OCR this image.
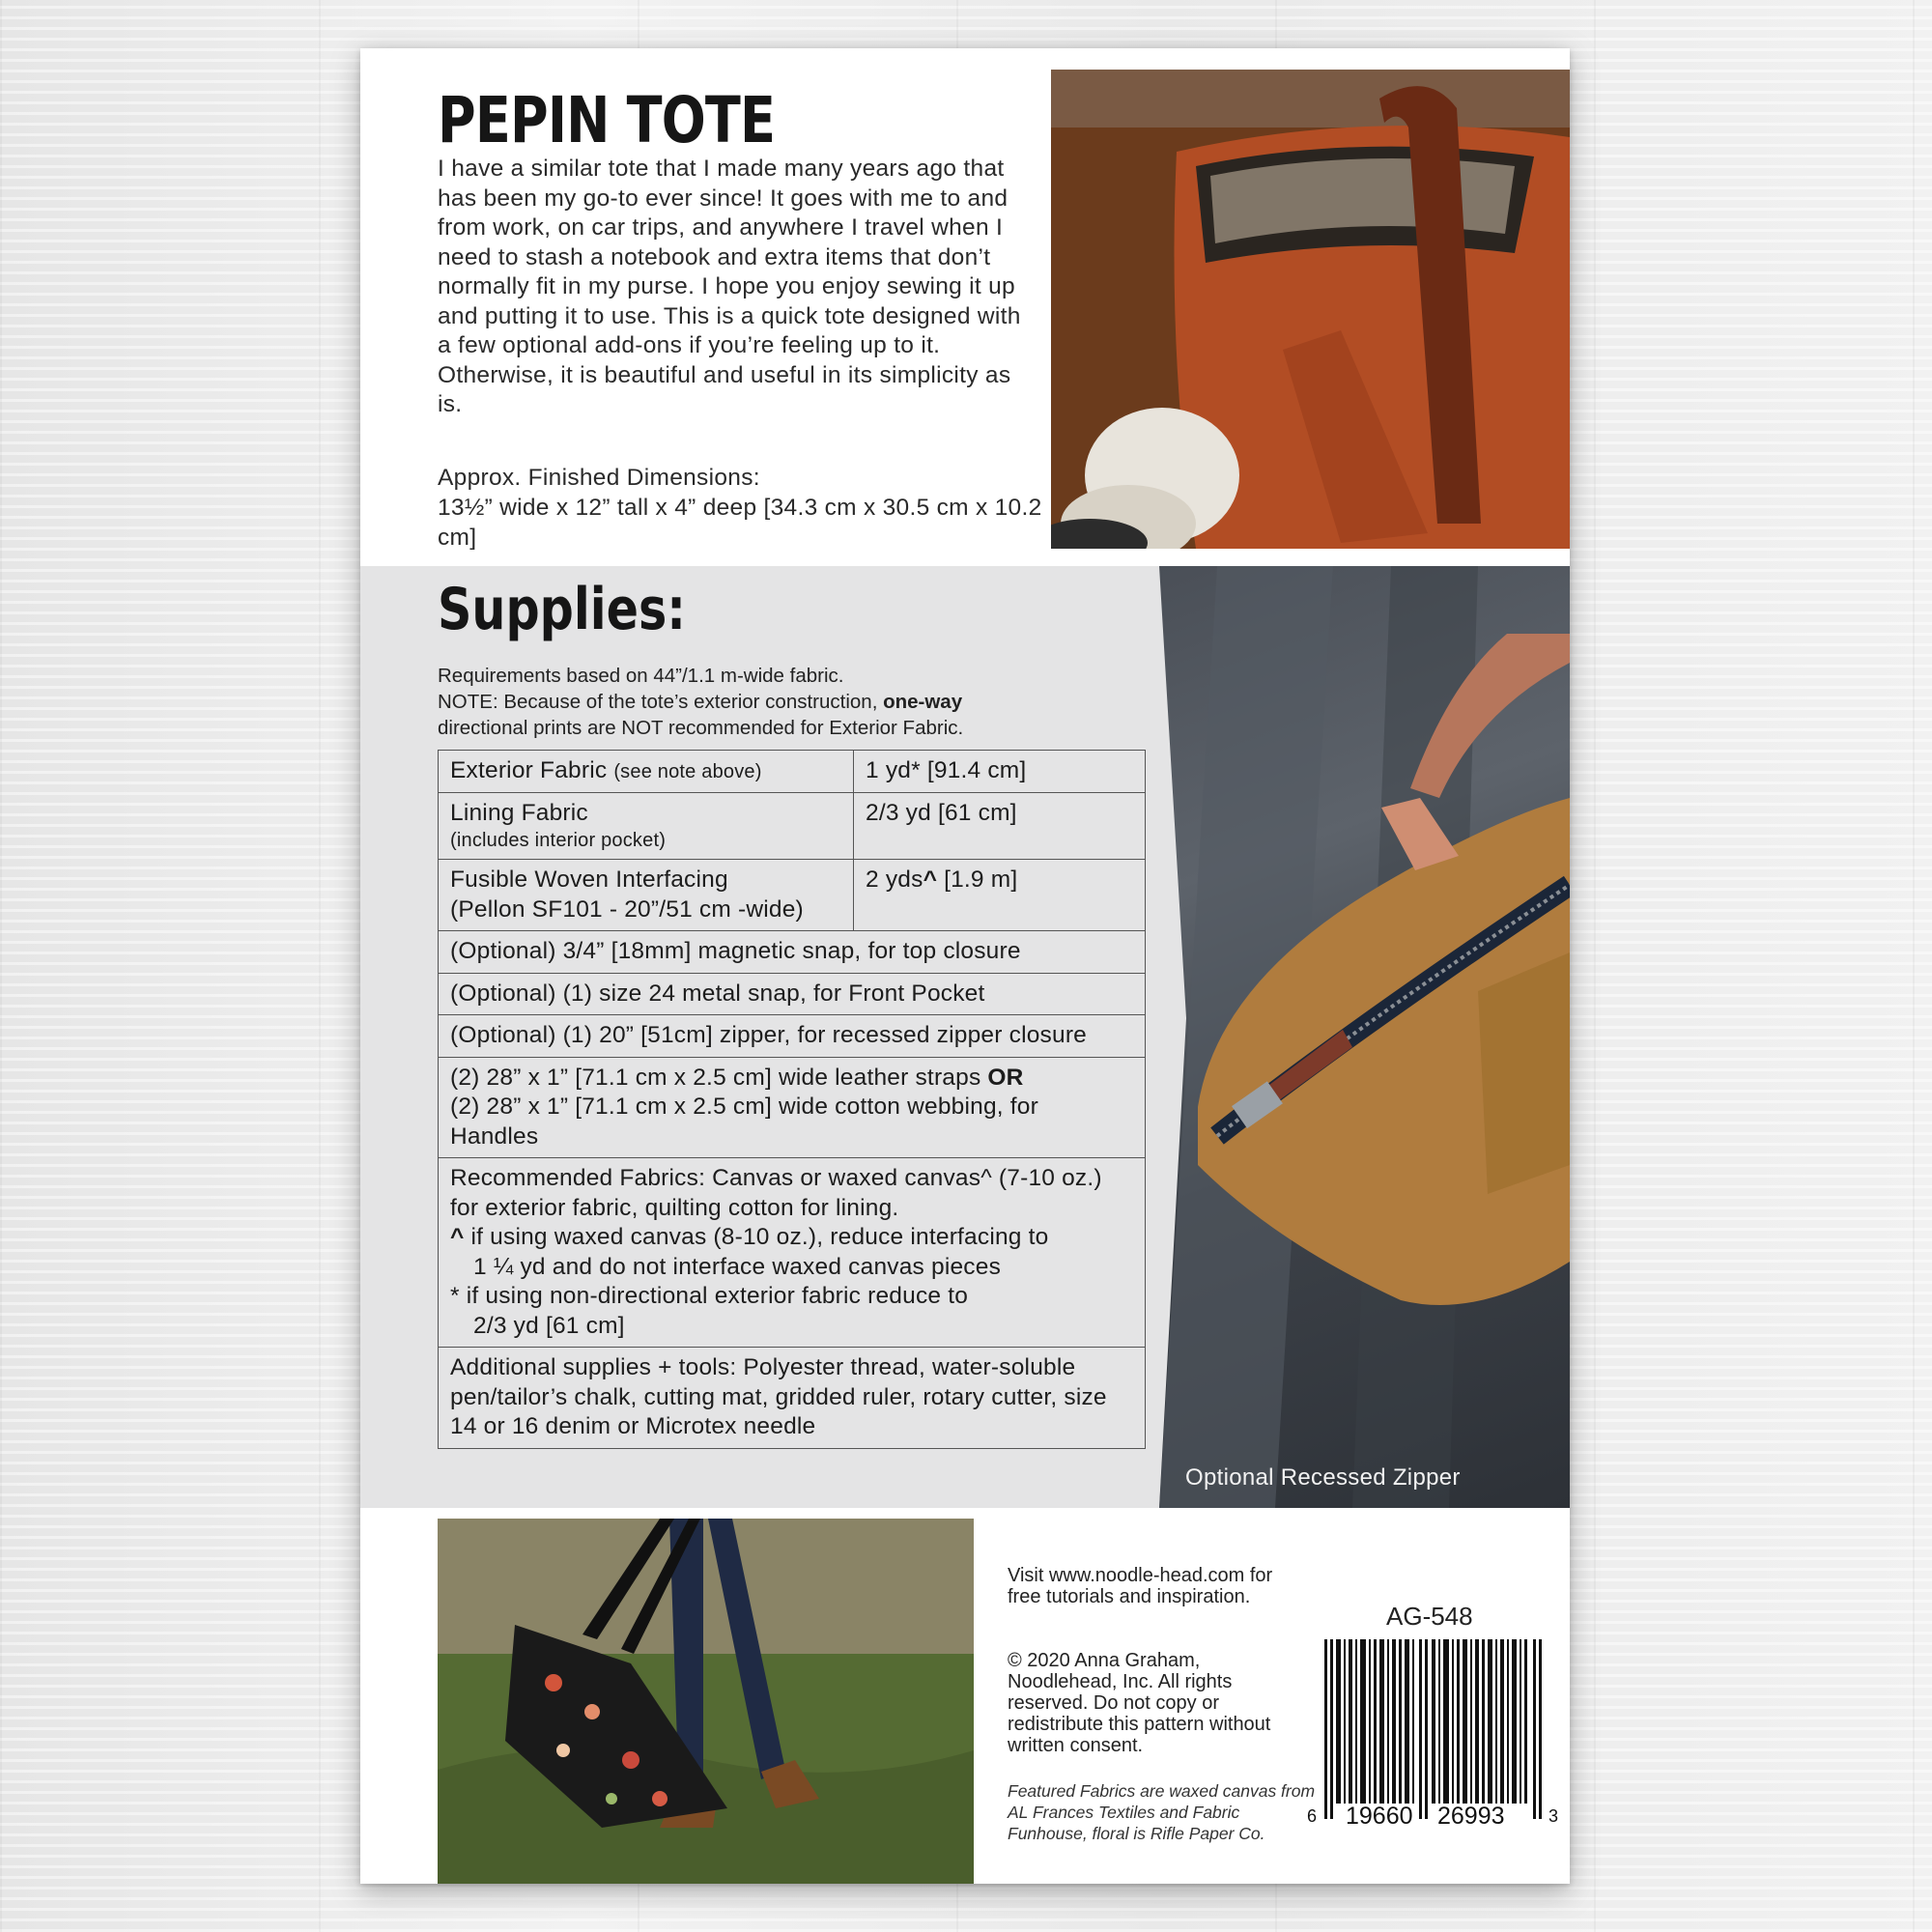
PEPIN TOTE
I have a similar tote that I made many years ago that has been my go-to ever since! It goes with me to and from work, on car trips, and anywhere I travel when I need to stash a notebook and extra items that don’t normally fit in my purse. I hope you enjoy sewing it up and putting it to use. This is a quick tote designed with a few optional add-ons if you’re feeling up to it. Otherwise, it is beautiful and useful in its simplicity as is.
Approx. Finished Dimensions:
13½” wide x 12” tall x 4” deep [34.3 cm x 30.5 cm x 10.2 cm]
Supplies:
Requirements based on 44”/1.1 m-wide fabric.
NOTE: Because of the tote’s exterior construction, one-way
directional prints are NOT recommended for Exterior Fabric.
Exterior Fabric (see note above)	1 yd* [91.4 cm]
Lining Fabric
(includes interior pocket)
2/3 yd [61 cm]
Fusible Woven Interfacing
(Pellon SF101 - 20”/51 cm -wide)
2 yds^ [1.9 m]
(Optional) 3/4” [18mm] magnetic snap, for top closure
(Optional) (1) size 24 metal snap, for Front Pocket
(Optional) (1) 20” [51cm] zipper, for recessed zipper closure
(2) 28” x 1” [71.1 cm x 2.5 cm] wide leather straps OR
(2) 28” x 1” [71.1 cm x 2.5 cm] wide cotton webbing, for Handles
Recommended Fabrics: Canvas or waxed canvas^ (7-10 oz.) for exterior fabric, quilting cotton for lining.
^ if using waxed canvas (8-10 oz.), reduce interfacing to
1 ¼ yd and do not interface waxed canvas pieces
* if using non-directional exterior fabric reduce to
2/3 yd [61 cm]
Additional supplies + tools: Polyester thread, water-soluble pen/tailor’s chalk, cutting mat, gridded ruler, rotary cutter, size 14 or 16 denim or Microtex needle
Optional Recessed Zipper
Visit www.noodle-head.com for free tutorials and inspiration.
© 2020 Anna Graham, Noodlehead, Inc. All rights reserved. Do not copy or redistribute this pattern without written consent.
Featured Fabrics are waxed canvas from AL Frances Textiles and Fabric Funhouse, floral is Rifle Paper Co.
AG-548
6 19660 26993	3
